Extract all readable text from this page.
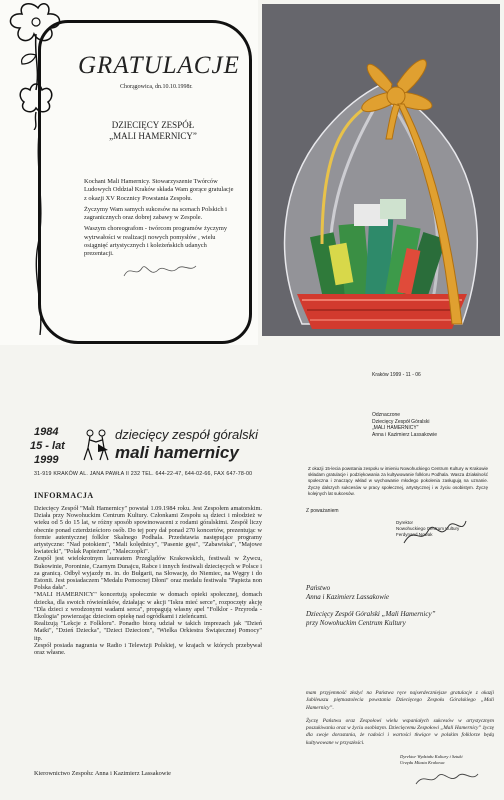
GRATULACJE
Chorągowica, dn.10.10.1998r.
DZIECIĘCY ZESPÓŁ
„MALI HAMERNICY”

Kochani Mali Hamernicy. Stowarzyszenie Twórców Ludowych Oddział Kraków składa Wam gorące gratulacje z okazji XV Rocznicy Powstania Zespołu.

Życzymy Wam samych sukcesów na scenach Polskich i zagranicznych oraz dobrej zabawy w Zespole.

Waszym choreografom - twórcom programów życzymy wytrwałości w realizacji nowych pomysłów , wielu osiągnięć artystycznych i koleżeńskich udanych prezentacji.

1984
15 - lat
1999
dziecięcy zespół góralski
mali hamernicy
31-919 KRAKÓW AL. JANA PAWŁA II 232 TEL. 644-22-47, 644-02-66, FAX 647-78-00
INFORMACJA

Dziecięcy Zespół "Mali Hamernicy" powstał 1.09.1984 roku. Jest Zespołem amatorskim. Działa przy Nowohuckim Centrum Kultury. Członkami Zespołu są dzieci i młodzież w wieku od 5 do 15 lat, w różny sposób spowinowaceni z rodami góralskimi. Zespół liczy obecnie ponad czterdzieścioro osób. Do tej pory dał ponad 270 koncertów, prezentując w formie autentycznej folklor Skalnego Podhala. Przedstawia następujące programy artystyczne: "Nad potokiem", "Mali kolędnicy", "Pasenie gęsi", "Zabawiska", "Majowe kwiatecki", "Polak Papieżem", "Maleczopki".

Zespół jest wielokrotnym laureatem Przeglądów Krakowskich, festiwali w Żywcu, Bukowinie, Poroninie, Czarnym Dunajcu, Rabce i innych festiwali dziecięcych w Polsce i za granicą. Odbył wyjazdy m. in. do Bułgarii, na Słowację, do Niemiec, na Węgry i do Estonii. Jest posiadaczem "Medalu Pomocnej Dłoni" oraz medalu festiwalu "Papieża non Polska dała".

"MALI HAMERNICY" koncertują społecznie w domach opieki społecznej, domach dziecka, dla swoich rówieśników, działając w akcji "Iskra mieć serce", rozpoczęty akcję "Dla dzieci z wrodzonymi wadami serca", propagują własny apel "Folklor - Przyroda - Ekologia" powierzając dzieciom opiekę nad ogródkami i zieleńcami.

Realizują "Lekcje z Folkloru". Ponadto biorą udział w takich imprezach jak "Dzień Matki", "Dzień Dziecka", "Dzieci Dzieciom", "Wielka Orkiestra Świątecznej Pomocy" itp.

Zespół posiada nagrania w Radio i Telewizji Polskiej, w krajach w których przebywał oraz własne.

Kierownictwo Zespołu: Anna i Kazimierz Lassakowie
Kraków 1999 - 11 - 06
Odznaczone
Dziecięcy Zespół Góralski
„MALI HAMERNICY”
Anna i Kazimierz Lassakowie
Z okazji 15-lecia powstania zespołu w imieniu Nowohuckiego Centrum Kultury w Krakowie składam gratulacje i podziękowania za kultywowanie folkloru Podhala. Wasza działalność społeczna i znaczący wkład w wychowanie młodego pokolenia zasługują na uznanie. Życzę dalszych sukcesów w pracy społecznej, artystycznej i w życiu osobistym. Życzę kolejnych lat sukcesów.
Z poważaniem
Dyrektor
Nowohuckiego Centrum Kultury
Ferdynand Nowak
Państwo
Anna i Kazimierz Lassakowie
Dziecięcy Zespół Góralski „Mali Hamernicy”
przy Nowohuckim Centrum Kultury

mam przyjemność złożyć na Państwa ręce najserdeczniejsze gratulacje z okazji Jubileuszu piętnastolecia powstania Dziecięcego Zespołu Góralskiego „Mali Hamernicy”.

Życzę Państwu oraz Zespołowi wielu wspaniałych sukcesów w artystycznym poszukiwaniu oraz w życiu osobistym. Dziecięcemu Zespołowi „Mali Hamernicy” życzę dla swoje dorastania, że radości i wartości tkwiące w polskim folklorze będą kultywowane w przyszłości.

Dyrektor Wydziału Kultury i Sztuki
Urzędu Miasta Krakowa
